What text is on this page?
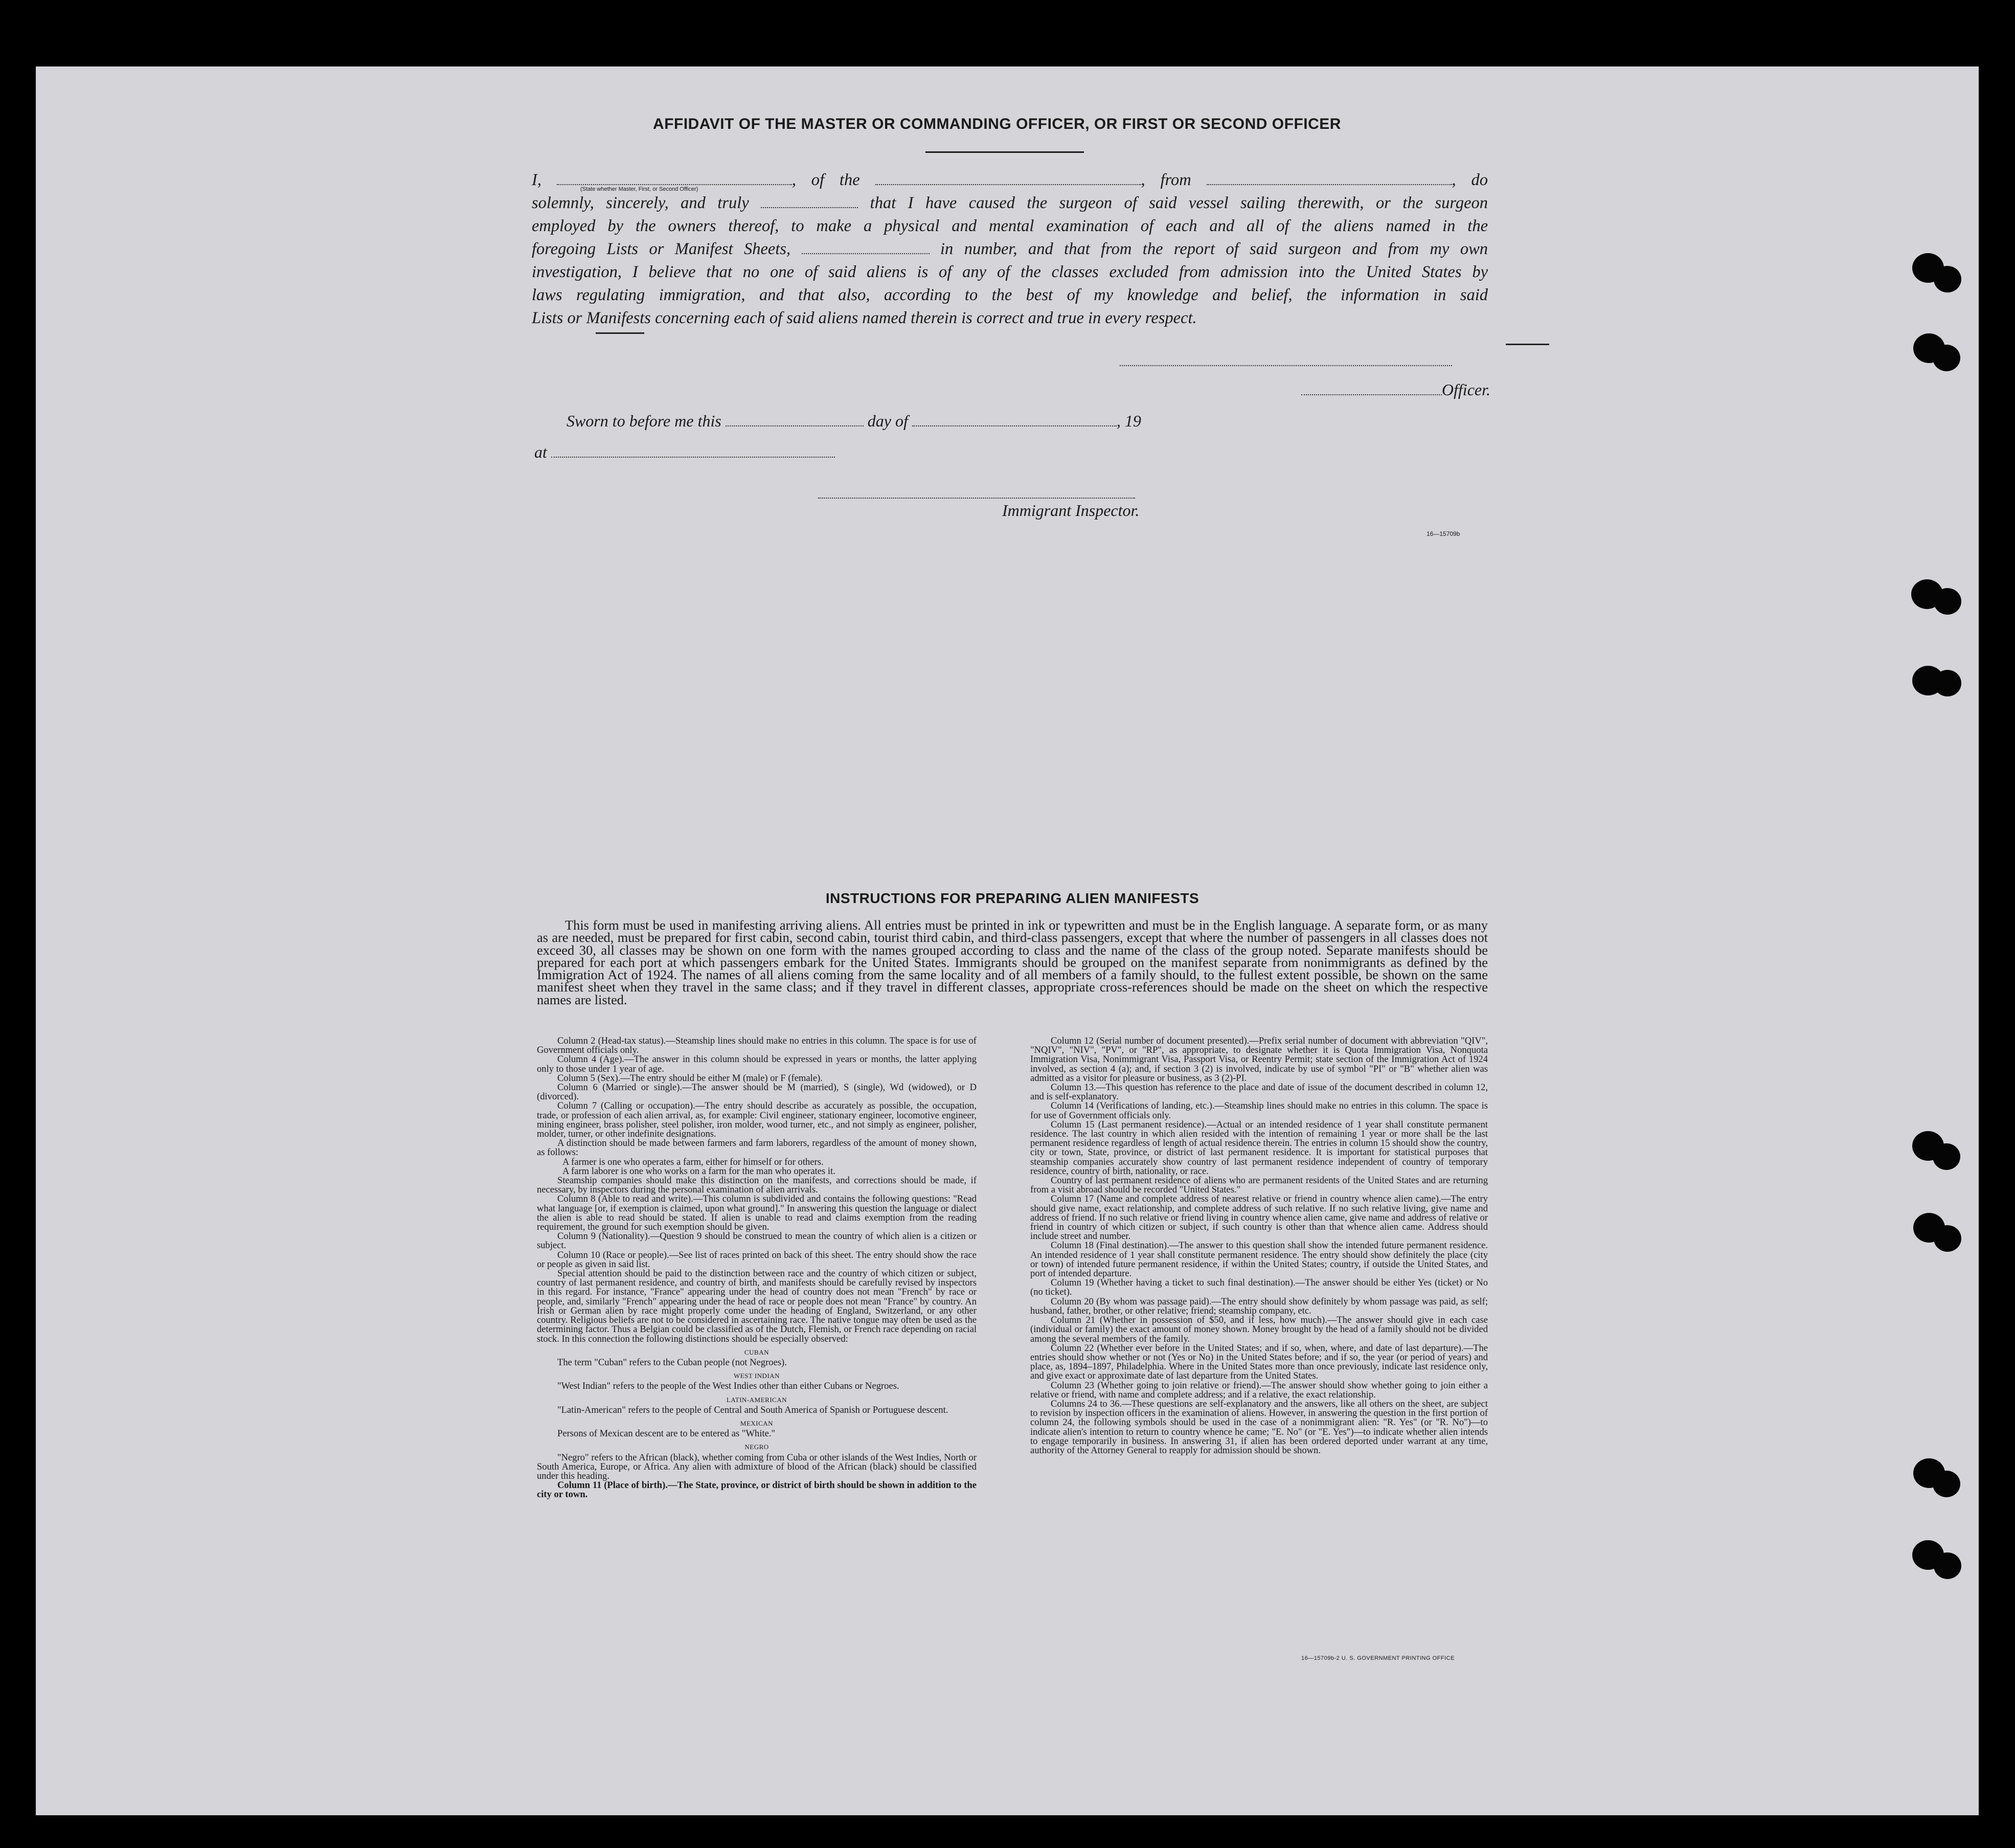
AFFIDAVIT OF THE MASTER OR COMMANDING OFFICER, OR FIRST OR SECOND OFFICER
I,	, of the	, from	, do
solemnly, sincerely, and truly	that I have caused the surgeon of said vessel sailing therewith, or the surgeon
employed by the owners thereof, to make a physical and mental examination of each and all of the aliens named in the
foregoing Lists or Manifest Sheets,	in number, and that from the report of said surgeon and from my own
investigation, I believe that no one of said aliens is of any of the classes excluded from admission into the United States by
laws regulating immigration, and that also, according to the best of my knowledge and belief, the information in said
Lists or Manifests concerning each of said aliens named therein is correct and true in every respect.
(State whether Master, First, or Second Officer)
Officer.
Sworn to before me this	day of	, 19
at
Immigrant Inspector.
16—15709b
INSTRUCTIONS FOR PREPARING ALIEN MANIFESTS
This form must be used in manifesting arriving aliens. All entries must be printed in ink or typewritten and must be in the English language. A separate form, or as many as are needed, must be prepared for first cabin, second cabin, tourist third cabin, and third-class passengers, except that where the number of passengers in all classes does not exceed 30, all classes may be shown on one form with the names grouped according to class and the name of the class of the group noted. Separate manifests should be prepared for each port at which passengers embark for the United States. Immigrants should be grouped on the manifest separate from nonimmigrants as defined by the Immigration Act of 1924. The names of all aliens coming from the same locality and of all members of a family should, to the fullest extent possible, be shown on the same manifest sheet when they travel in the same class; and if they travel in different classes, appropriate cross-references should be made on the sheet on which the respective names are listed.

Column 2 (Head-tax status).—Steamship lines should make no entries in this column. The space is for use of Government officials only.

Column 4 (Age).—The answer in this column should be expressed in years or months, the latter applying only to those under 1 year of age.

Column 5 (Sex).—The entry should be either M (male) or F (female).

Column 6 (Married or single).—The answer should be M (married), S (single), Wd (widowed), or D (divorced).

Column 7 (Calling or occupation).—The entry should describe as accurately as possible, the occupation, trade, or profession of each alien arrival, as, for example: Civil engineer, stationary engineer, locomotive engineer, mining engineer, brass polisher, steel polisher, iron molder, wood turner, etc., and not simply as engineer, polisher, molder, turner, or other indefinite designations.

A distinction should be made between farmers and farm laborers, regardless of the amount of money shown, as follows:

A farmer is one who operates a farm, either for himself or for others.

A farm laborer is one who works on a farm for the man who operates it.

Steamship companies should make this distinction on the manifests, and corrections should be made, if necessary, by inspectors during the personal examination of alien arrivals.

Column 8 (Able to read and write).—This column is subdivided and contains the following questions: "Read what language [or, if exemption is claimed, upon what ground]." In answering this question the language or dialect the alien is able to read should be stated. If alien is unable to read and claims exemption from the reading requirement, the ground for such exemption should be given.

Column 9 (Nationality).—Question 9 should be construed to mean the country of which alien is a citizen or subject.

Column 10 (Race or people).—See list of races printed on back of this sheet. The entry should show the race or people as given in said list.

Special attention should be paid to the distinction between race and the country of which citizen or subject, country of last permanent residence, and country of birth, and manifests should be carefully revised by inspectors in this regard. For instance, "France" appearing under the head of country does not mean "French" by race or people, and, similarly "French" appearing under the head of race or people does not mean "France" by country. An Irish or German alien by race might properly come under the heading of England, Switzerland, or any other country. Religious beliefs are not to be considered in ascertaining race. The native tongue may often be used as the determining factor. Thus a Belgian could be classified as of the Dutch, Flemish, or French race depending on racial stock. In this connection the following distinctions should be especially observed:

CUBAN

The term "Cuban" refers to the Cuban people (not Negroes).

WEST INDIAN

"West Indian" refers to the people of the West Indies other than either Cubans or Negroes.

LATIN-AMERICAN

"Latin-American" refers to the people of Central and South America of Spanish or Portuguese descent.

MEXICAN

Persons of Mexican descent are to be entered as "White."

NEGRO

"Negro" refers to the African (black), whether coming from Cuba or other islands of the West Indies, North or South America, Europe, or Africa. Any alien with admixture of blood of the African (black) should be classified under this heading.

Column 11 (Place of birth).—The State, province, or district of birth should be shown in addition to the city or town.

Column 12 (Serial number of document presented).—Prefix serial number of document with abbreviation "QIV", "NQIV", "NIV", "PV", or "RP", as appropriate, to designate whether it is Quota Immigration Visa, Nonquota Immigration Visa, Nonimmigrant Visa, Passport Visa, or Reentry Permit; state section of the Immigration Act of 1924 involved, as section 4 (a); and, if section 3 (2) is involved, indicate by use of symbol "PI" or "B" whether alien was admitted as a visitor for pleasure or business, as 3 (2)-PI.

Column 13.—This question has reference to the place and date of issue of the document described in column 12, and is self-explanatory.

Column 14 (Verifications of landing, etc.).—Steamship lines should make no entries in this column. The space is for use of Government officials only.

Column 15 (Last permanent residence).—Actual or an intended residence of 1 year shall constitute permanent residence. The last country in which alien resided with the intention of remaining 1 year or more shall be the last permanent residence regardless of length of actual residence therein. The entries in column 15 should show the country, city or town, State, province, or district of last permanent residence. It is important for statistical purposes that steamship companies accurately show country of last permanent residence independent of country of temporary residence, country of birth, nationality, or race.

Country of last permanent residence of aliens who are permanent residents of the United States and are returning from a visit abroad should be recorded "United States."

Column 17 (Name and complete address of nearest relative or friend in country whence alien came).—The entry should give name, exact relationship, and complete address of such relative. If no such relative living, give name and address of friend. If no such relative or friend living in country whence alien came, give name and address of relative or friend in country of which citizen or subject, if such country is other than that whence alien came. Address should include street and number.

Column 18 (Final destination).—The answer to this question shall show the intended future permanent residence. An intended residence of 1 year shall constitute permanent residence. The entry should show definitely the place (city or town) of intended future permanent residence, if within the United States; country, if outside the United States, and port of intended departure.

Column 19 (Whether having a ticket to such final destination).—The answer should be either Yes (ticket) or No (no ticket).

Column 20 (By whom was passage paid).—The entry should show definitely by whom passage was paid, as self; husband, father, brother, or other relative; friend; steamship company, etc.

Column 21 (Whether in possession of $50, and if less, how much).—The answer should give in each case (individual or family) the exact amount of money shown. Money brought by the head of a family should not be divided among the several members of the family.

Column 22 (Whether ever before in the United States; and if so, when, where, and date of last departure).—The entries should show whether or not (Yes or No) in the United States before; and if so, the year (or period of years) and place, as, 1894–1897, Philadelphia. Where in the United States more than once previously, indicate last residence only, and give exact or approximate date of last departure from the United States.

Column 23 (Whether going to join relative or friend).—The answer should show whether going to join either a relative or friend, with name and complete address; and if a relative, the exact relationship.

Columns 24 to 36.—These questions are self-explanatory and the answers, like all others on the sheet, are subject to revision by inspection officers in the examination of aliens. However, in answering the question in the first portion of column 24, the following symbols should be used in the case of a nonimmigrant alien: "R. Yes" (or "R. No")—to indicate alien's intention to return to country whence he came; "E. No" (or "E. Yes")—to indicate whether alien intends to engage temporarily in business. In answering 31, if alien has been ordered deported under warrant at any time, authority of the Attorney General to reapply for admission should be shown.

16—15709b-2 U. S. GOVERNMENT PRINTING OFFICE
